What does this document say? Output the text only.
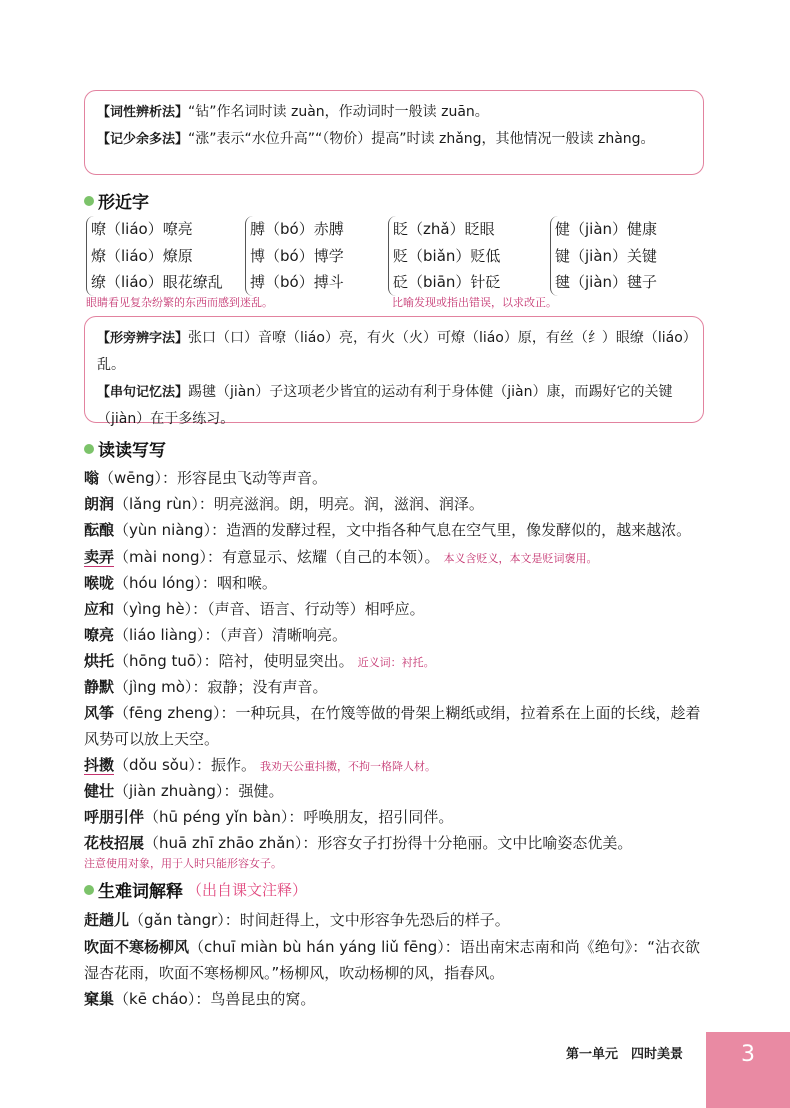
【词性辨析法】“钻”作名词时读 zuàn，作动词时一般读 zuān。

【记少余多法】“涨”表示“水位升高”“（物价）提高”时读 zhǎng，其他情况一般读 zhàng。

形近字
嘹（liáo）嘹亮
燎（liáo）燎原
缭（liáo）眼花缭乱
膊（bó）赤膊
博（bó）博学
搏（bó）搏斗
眨（zhǎ）眨眼
贬（biǎn）贬低
砭（biān）针砭
健（jiàn）健康
键（jiàn）关键
毽（jiàn）毽子
眼睛看见复杂纷繁的东西而感到迷乱。	比喻发现或指出错误，以求改正。

【形旁辨字法】张口（口）音嘹（liáo）亮，有火（火）可燎（liáo）原，有丝（纟）眼缭（liáo）乱。

【串句记忆法】踢毽（jiàn）子这项老少皆宜的运动有利于身体健（jiàn）康，而踢好它的关键（jiàn）在于多练习。

读读写写
嗡（wēng）：形容昆虫飞动等声音。
朗润（lǎng rùn）：明亮滋润。朗，明亮。润，滋润、润泽。
酝酿（yùn niàng）：造酒的发酵过程，文中指各种气息在空气里，像发酵似的，越来越浓。
卖弄（mài nong）：有意显示、炫耀（自己的本领）。 本义含贬义，本文是贬词褒用。
喉咙（hóu lóng）：咽和喉。
应和（yìng hè）：（声音、语言、行动等）相呼应。
嘹亮（liáo liàng）：（声音）清晰响亮。
烘托（hōng tuō）：陪衬，使明显突出。 近义词：衬托。
静默（jìng mò）：寂静；没有声音。
风筝（fēng zheng）：一种玩具，在竹篾等做的骨架上糊纸或绢，拉着系在上面的长线，趁着风势可以放上天空。
抖擞（dǒu sǒu）：振作。 我劝天公重抖擞，不拘一格降人材。
健壮（jiàn zhuàng）：强健。
呼朋引伴（hū péng yǐn bàn）：呼唤朋友，招引同伴。
花枝招展（huā zhī zhāo zhǎn）：形容女子打扮得十分艳丽。文中比喻姿态优美。
注意使用对象，用于人时只能形容女子。
生难词解释 （出自课文注释）
赶趟儿（gǎn tàngr）：时间赶得上，文中形容争先恐后的样子。
吹面不寒杨柳风（chuī miàn bù hán yáng liǔ fēng）：语出南宋志南和尚《绝句》：“沾衣欲湿杏花雨，吹面不寒杨柳风。”杨柳风，吹动杨柳的风，指春风。
窠巢（kē cháo）：鸟兽昆虫的窝。
第一单元　四时美景	3
